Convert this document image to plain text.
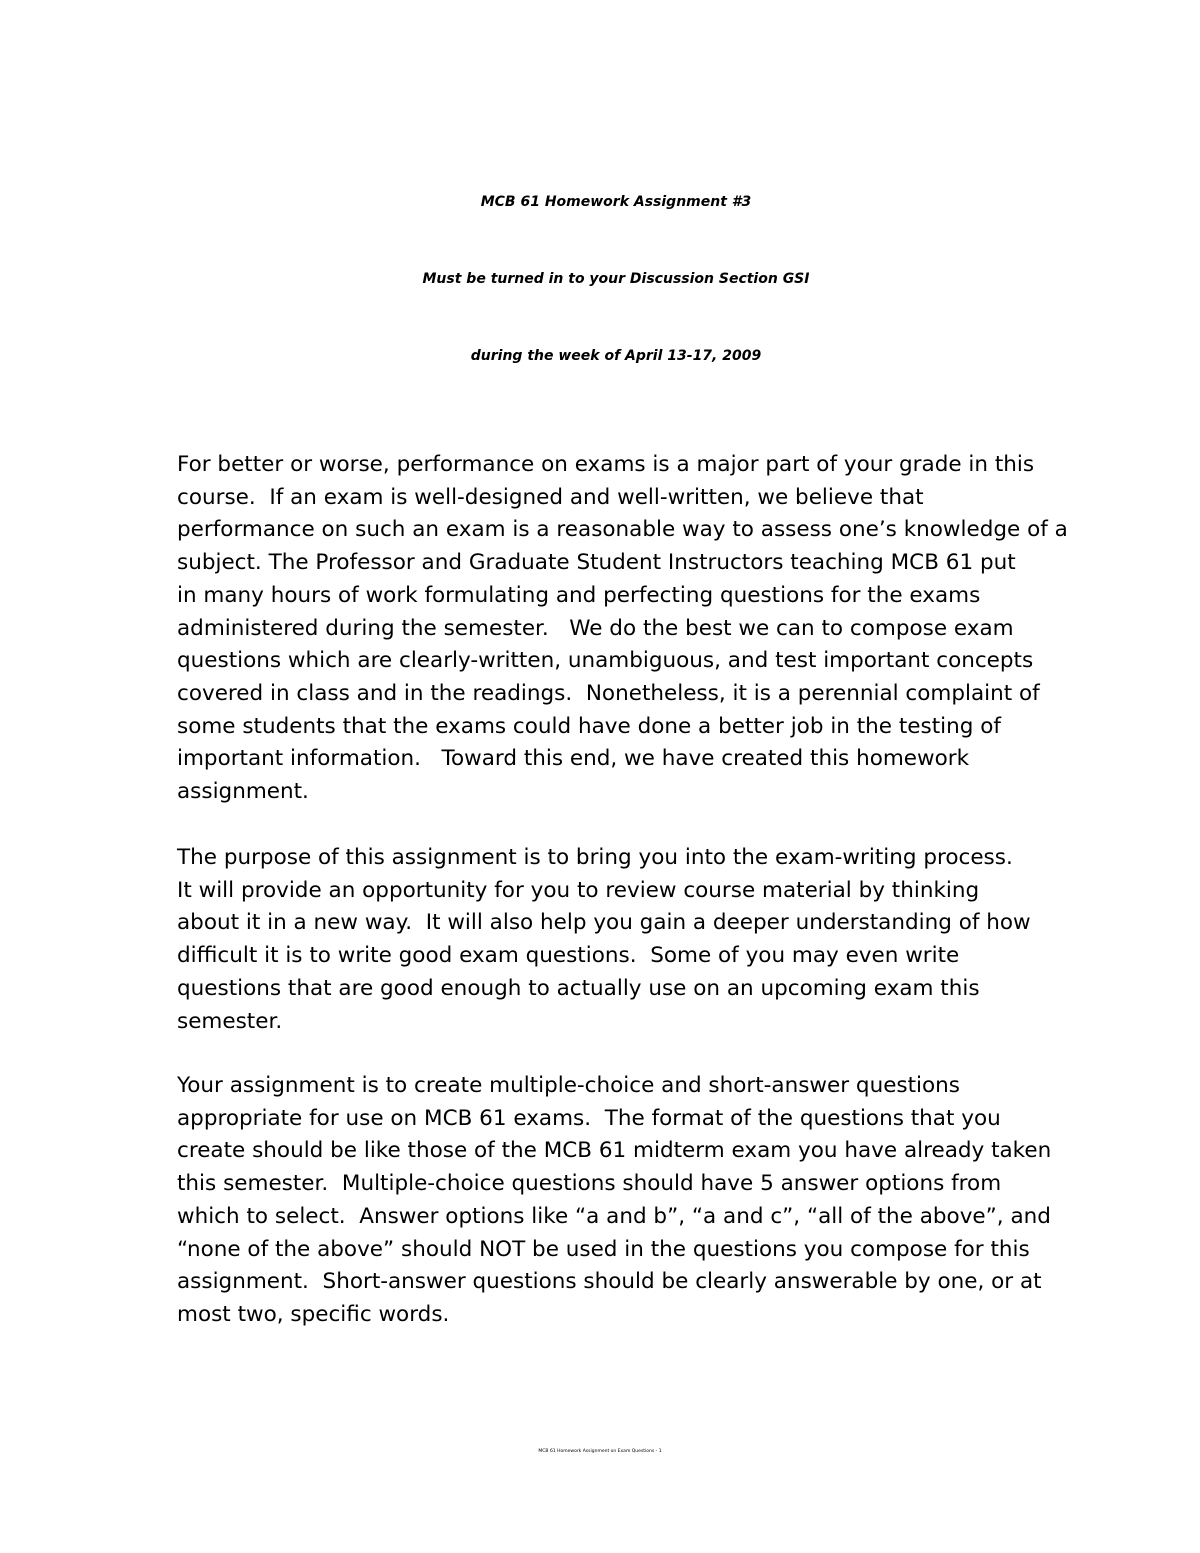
MCB 61 Homework Assignment #3

Must be turned in to your Discussion Section GSI

during the week of April 13-17, 2009

For better or worse, performance on exams is a major part of your grade in this
course.  If an exam is well-designed and well-written, we believe that
performance on such an exam is a reasonable way to assess one’s knowledge of a
subject. The Professor and Graduate Student Instructors teaching MCB 61 put
in many hours of work formulating and perfecting questions for the exams
administered during the semester.   We do the best we can to compose exam
questions which are clearly-written, unambiguous, and test important concepts
covered in class and in the readings.  Nonetheless, it is a perennial complaint of
some students that the exams could have done a better job in the testing of
important information.   Toward this end, we have created this homework
assignment.
The purpose of this assignment is to bring you into the exam-writing process.
It will provide an opportunity for you to review course material by thinking
about it in a new way.  It will also help you gain a deeper understanding of how
difficult it is to write good exam questions.  Some of you may even write
questions that are good enough to actually use on an upcoming exam this
semester.
Your assignment is to create multiple-choice and short-answer questions
appropriate for use on MCB 61 exams.  The format of the questions that you
create should be like those of the MCB 61 midterm exam you have already taken
this semester.  Multiple-choice questions should have 5 answer options from
which to select.  Answer options like “a and b”, “a and c”, “all of the above”, and
“none of the above” should NOT be used in the questions you compose for this
assignment.  Short-answer questions should be clearly answerable by one, or at
most two, specific words.
MCB 61 Homework Assignment on Exam Questions - 1
